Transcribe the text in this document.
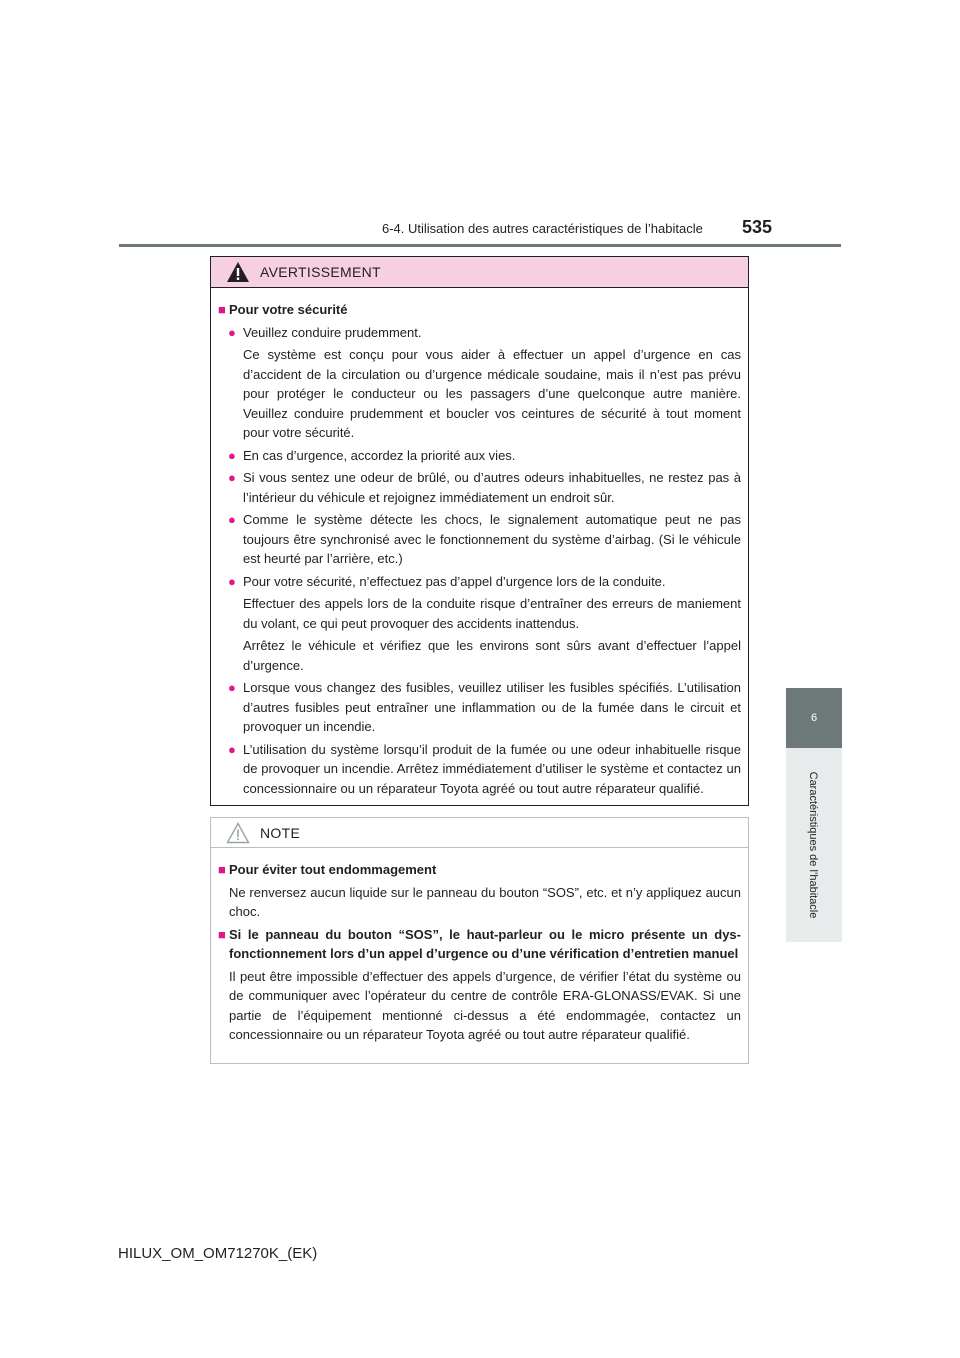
6-4. Utilisation des autres caractéristiques de l’habitacle 535
6
Caractéristiques de l’habitacle
AVERTISSEMENT
■ Pour votre sécurité
● Veuillez conduire prudemment.
Ce système est conçu pour vous aider à effectuer un appel d’urgence en cas d’accident de la circulation ou d’urgence médicale soudaine, mais il n’est pas prévu pour protéger le conducteur ou les passagers d’une quelconque autre manière. Veuillez conduire prudemment et boucler vos ceintures de sécurité à tout moment pour votre sécurité.
● En cas d’urgence, accordez la priorité aux vies.
● Si vous sentez une odeur de brûlé, ou d’autres odeurs inhabituelles, ne restez pas à l’intérieur du véhicule et rejoignez immédiatement un endroit sûr.
● Comme le système détecte les chocs, le signalement automatique peut ne pas toujours être synchronisé avec le fonctionnement du système d’airbag. (Si le véhicule est heurté par l’arrière, etc.)
● Pour votre sécurité, n’effectuez pas d’appel d’urgence lors de la conduite.
Effectuer des appels lors de la conduite risque d’entraîner des erreurs de maniement du volant, ce qui peut provoquer des accidents inattendus.
Arrêtez le véhicule et vérifiez que les environs sont sûrs avant d’effectuer l’appel d’urgence.
● Lorsque vous changez des fusibles, veuillez utiliser les fusibles spécifiés. L’utilisation d’autres fusibles peut entraîner une inflammation ou de la fumée dans le circuit et provoquer un incendie.
● L’utilisation du système lorsqu’il produit de la fumée ou une odeur inhabituelle risque de provoquer un incendie. Arrêtez immédiatement d’utiliser le système et contactez un concessionnaire ou un réparateur Toyota agréé ou tout autre réparateur qualifié.
NOTE
■ Pour éviter tout endommagement
Ne renversez aucun liquide sur le panneau du bouton “SOS”, etc. et n’y appliquez aucun choc.
■ Si le panneau du bouton “SOS”, le haut-parleur ou le micro présente un dysfonctionnement lors d’un appel d’urgence ou d’une vérification d’entretien manuel
Il peut être impossible d’effectuer des appels d’urgence, de vérifier l’état du système ou de communiquer avec l’opérateur du centre de contrôle ERA-GLONASS/EVAK. Si une partie de l’équipement mentionné ci-dessus a été endommagée, contactez un concessionnaire ou un réparateur Toyota agréé ou tout autre réparateur qualifié.
HILUX_OM_OM71270K_(EK)
